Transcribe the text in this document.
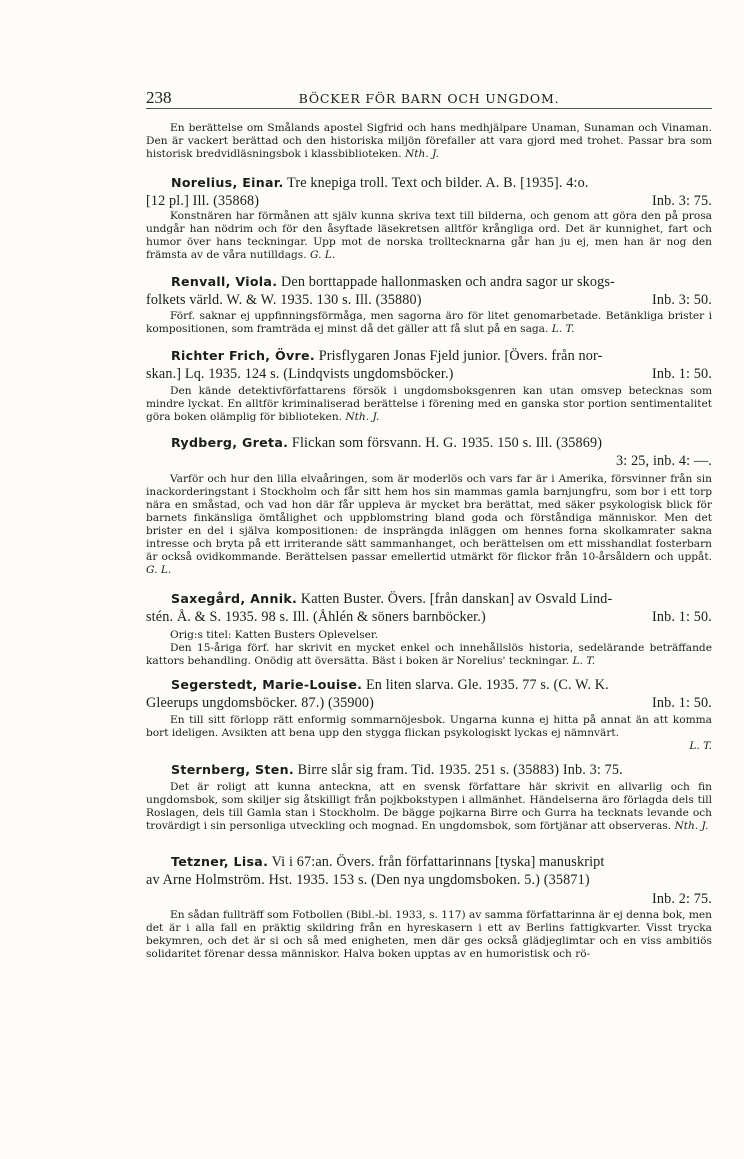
238	BÖCKER FÖR BARN OCH UNGDOM.

En berättelse om Smålands apostel Sigfrid och hans medhjälpare Unaman, Sunaman och Vinaman. Den är vackert berättad och den historiska miljön förefaller att vara gjord med trohet. Passar bra som historisk bredvidläsningsbok i klassbiblioteken. Nth. J.

Norelius, Einar. Tre knepiga troll. Text och bilder. A. B. [1935]. 4:o.
[12 pl.] Ill. (35868)	Inb. 3: 75.

Konstnären har förmånen att själv kunna skriva text till bilderna, och genom att göra den på prosa undgår han nödrim och för den åsyftade läsekretsen alltför krångliga ord. Det är kunnighet, fart och humor över hans teckningar. Upp mot de norska trolltecknarna går han ju ej, men han är nog den främsta av de våra nutilldags. G. L.

Renvall, Viola. Den borttappade hallonmasken och andra sagor ur skogs-
folkets värld. W. & W. 1935. 130 s. Ill. (35880)	Inb. 3: 50.

Förf. saknar ej uppfinningsförmåga, men sagorna äro för litet genomarbetade. Betänkliga brister i kompositionen, som framträda ej minst då det gäller att få slut på en saga. L. T.

Richter Frich, Övre. Prisflygaren Jonas Fjeld junior. [Övers. från nor-
skan.] Lq. 1935. 124 s. (Lindqvists ungdomsböcker.)	Inb. 1: 50.

Den kände detektivförfattarens försök i ungdomsboksgenren kan utan omsvep betecknas som mindre lyckat. En alltför kriminaliserad berättelse i förening med en ganska stor portion sentimentalitet göra boken olämplig för biblioteken. Nth. J.

Rydberg, Greta. Flickan som försvann. H. G. 1935. 150 s. Ill. (35869)
3: 25, inb. 4: —.

Varför och hur den lilla elvaåringen, som är moderlös och vars far är i Amerika, försvinner från sin inackorderingstant i Stockholm och får sitt hem hos sin mammas gamla barnjungfru, som bor i ett torp nära en småstad, och vad hon där får uppleva är mycket bra berättat, med säker psykologisk blick för barnets finkänsliga ömtålighet och uppblomstring bland goda och förståndiga människor. Men det brister en del i själva kompositionen: de insprängda inläggen om hennes forna skolkamrater sakna intresse och bryta på ett irriterande sätt sammanhanget, och berättelsen om ett misshandlat fosterbarn är också ovidkommande. Berättelsen passar emellertid utmärkt för flickor från 10-årsåldern och uppåt. G. L.

Saxegård, Annik. Katten Buster. Övers. [från danskan] av Osvald Lind-
stén. Å. & S. 1935. 98 s. Ill. (Åhlén & söners barnböcker.)	Inb. 1: 50.

Orig:s titel: Katten Busters Oplevelser.

Den 15-åriga förf. har skrivit en mycket enkel och innehållslös historia, sedelärande beträffande kattors behandling. Onödig att översätta. Bäst i boken är Norelius' teckningar. L. T.

Segerstedt, Marie-Louise. En liten slarva. Gle. 1935. 77 s. (C. W. K.
Gleerups ungdomsböcker. 87.) (35900)	Inb. 1: 50.

En till sitt förlopp rätt enformig sommarnöjesbok. Ungarna kunna ej hitta på annat än att komma bort ideligen. Avsikten att bena upp den stygga flickan psykologiskt lyckas ej nämnvärt.
L. T.

Sternberg, Sten. Birre slår sig fram. Tid. 1935. 251 s. (35883) Inb. 3: 75.

Det är roligt att kunna anteckna, att en svensk författare här skrivit en allvarlig och fin ungdomsbok, som skiljer sig åtskilligt från pojkbokstypen i allmänhet. Händelserna äro förlagda dels till Roslagen, dels till Gamla stan i Stockholm. De bägge pojkarna Birre och Gurra ha tecknats levande och trovärdigt i sin personliga utveckling och mognad. En ungdomsbok, som förtjänar att observeras. Nth. J.

Tetzner, Lisa. Vi i 67:an. Övers. från författarinnans [tyska] manuskript
av Arne Holmström. Hst. 1935. 153 s. (Den nya ungdomsboken. 5.) (35871)
Inb. 2: 75.

En sådan fullträff som Fotbollen (Bibl.-bl. 1933, s. 117) av samma författarinna är ej denna bok, men det är i alla fall en präktig skildring från en hyreskasern i ett av Berlins fattigkvarter. Visst trycka bekymren, och det är si och så med enigheten, men där ges också glädjeglimtar och en viss ambitiös solidaritet förenar dessa människor. Halva boken upptas av en humoristisk och rö-
